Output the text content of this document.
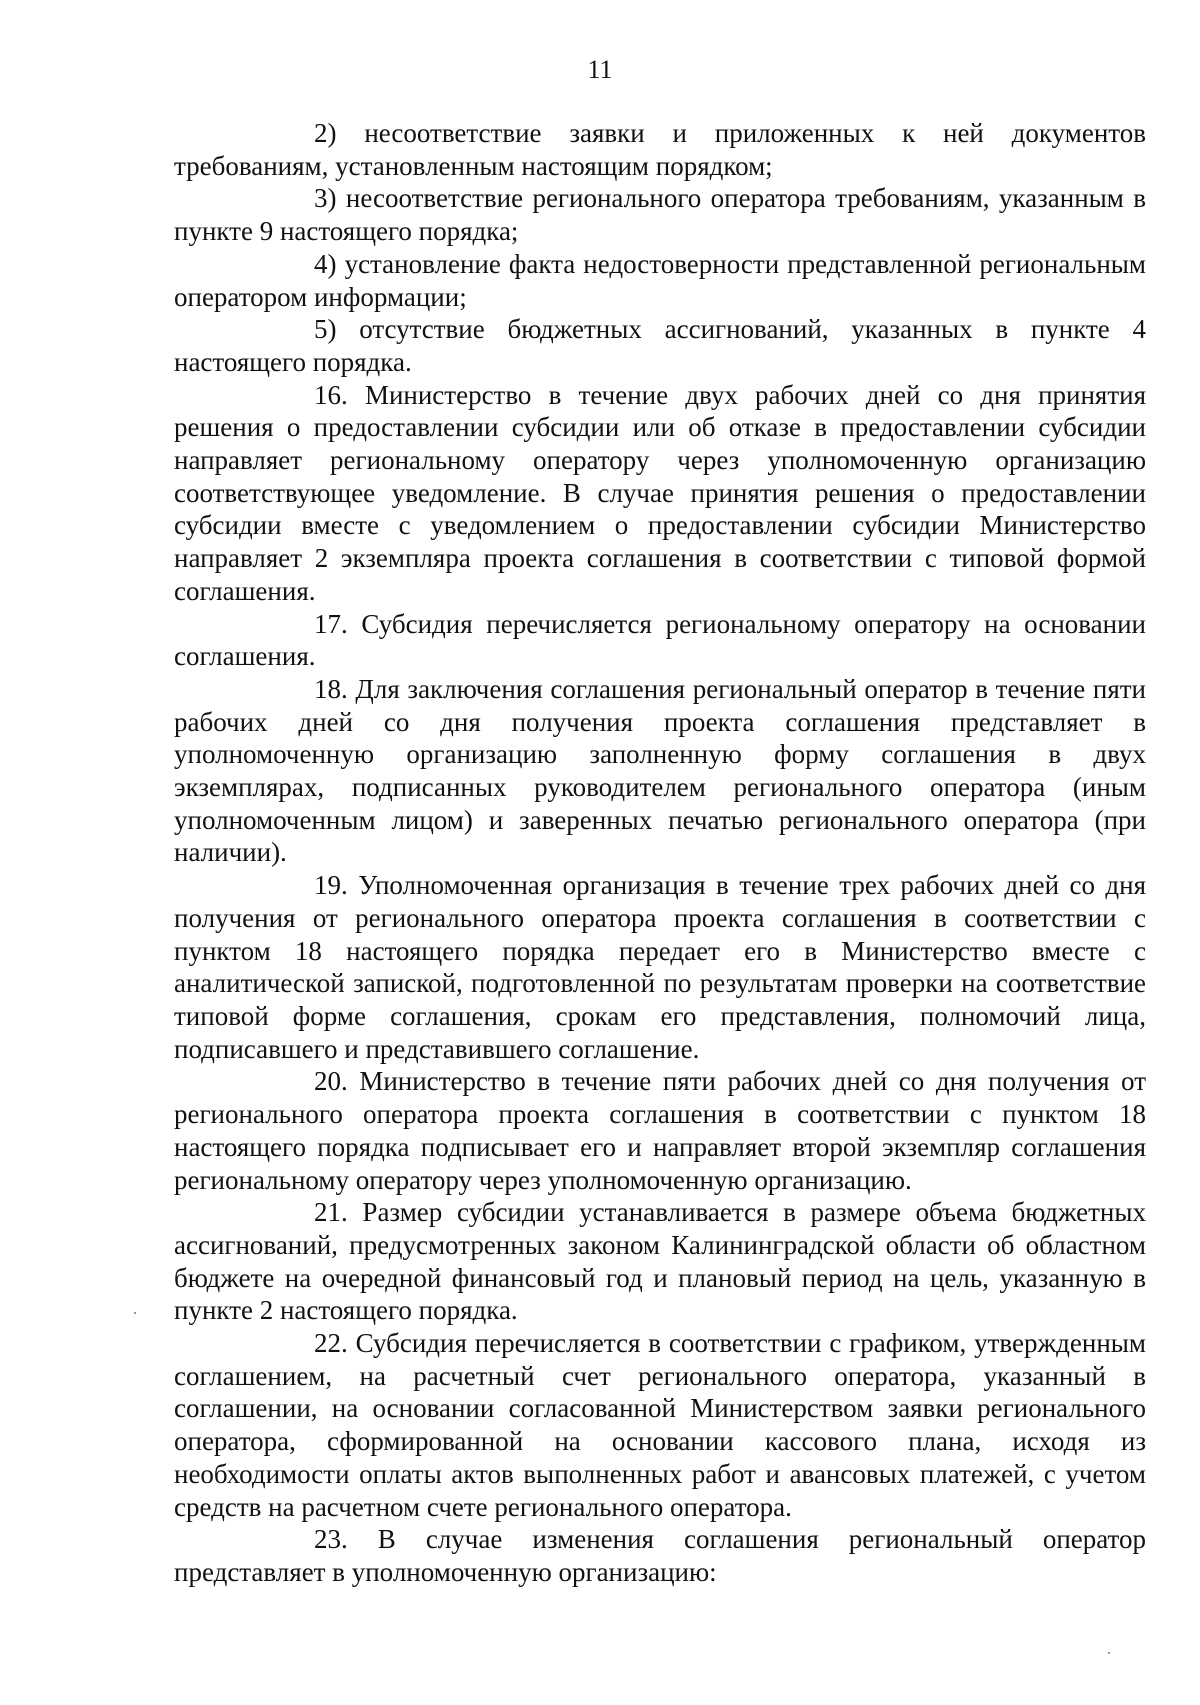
11

2) несоответствие заявки и приложенных к ней документов требованиям, установленным настоящим порядком;

3) несоответствие регионального оператора требованиям, указанным в пункте 9 настоящего порядка;

4) установление факта недостоверности представленной региональным оператором информации;

5) отсутствие бюджетных ассигнований, указанных в пункте 4 настоящего порядка.

16. Министерство в течение двух рабочих дней со дня принятия решения о предоставлении субсидии или об отказе в предоставлении субсидии направляет региональному оператору через уполномоченную организацию соответствующее уведомление. В случае принятия решения о предоставлении субсидии вместе с уведомлением о предоставлении субсидии Министерство направляет 2 экземпляра проекта соглашения в соответствии с типовой формой соглашения.

17. Субсидия перечисляется региональному оператору на основании соглашения.

18. Для заключения соглашения региональный оператор в течение пяти рабочих дней со дня получения проекта соглашения представляет в уполномоченную организацию заполненную форму соглашения в двух экземплярах, подписанных руководителем регионального оператора (иным уполномоченным лицом) и заверенных печатью регионального оператора (при наличии).

19. Уполномоченная организация в течение трех рабочих дней со дня получения от регионального оператора проекта соглашения в соответствии с пунктом 18 настоящего порядка передает его в Министерство вместе с аналитической запиской, подготовленной по результатам проверки на соответствие типовой форме соглашения, срокам его представления, полномочий лица, подписавшего и представившего соглашение.

20. Министерство в течение пяти рабочих дней со дня получения от регионального оператора проекта соглашения в соответствии с пунктом 18 настоящего порядка подписывает его и направляет второй экземпляр соглашения региональному оператору через уполномоченную организацию.

21. Размер субсидии устанавливается в размере объема бюджетных ассигнований, предусмотренных законом Калининградской области об областном бюджете на очередной финансовый год и плановый период на цель, указанную в пункте 2 настоящего порядка.

22. Субсидия перечисляется в соответствии с графиком, утвержденным соглашением, на расчетный счет регионального оператора, указанный в соглашении, на основании согласованной Министерством заявки регионального оператора, сформированной на основании кассового плана, исходя из необходимости оплаты актов выполненных работ и авансовых платежей, с учетом средств на расчетном счете регионального оператора.

23. В случае изменения соглашения региональный оператор представляет в уполномоченную организацию:
